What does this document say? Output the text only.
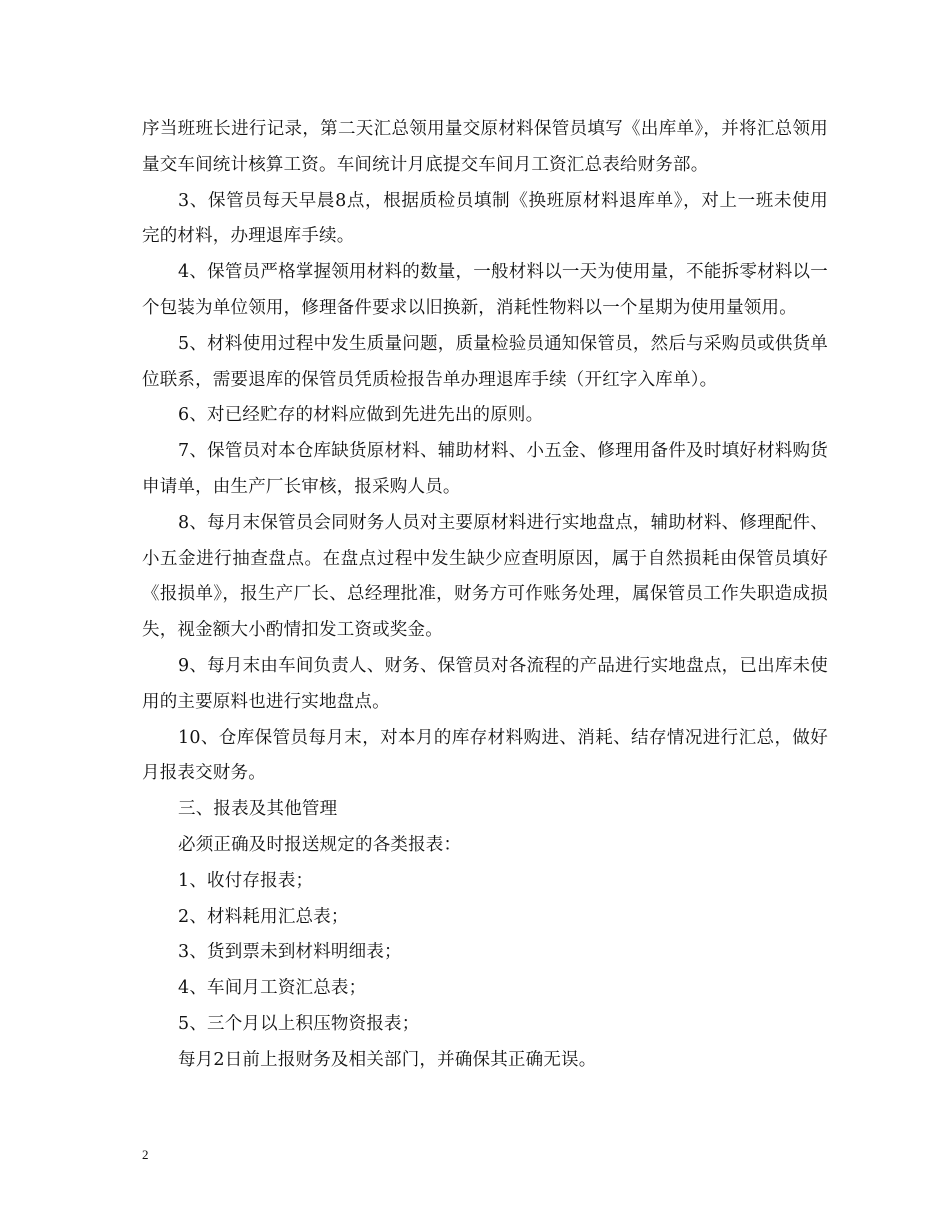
序当班班长进行记录，第二天汇总领用量交原材料保管员填写《出库单》，并将汇总领用量交车间统计核算工资。车间统计月底提交车间月工资汇总表给财务部。

3、保管员每天早晨8点，根据质检员填制《换班原材料退库单》，对上一班未使用完的材料，办理退库手续。

4、保管员严格掌握领用材料的数量，一般材料以一天为使用量，不能拆零材料以一个包装为单位领用，修理备件要求以旧换新，消耗性物料以一个星期为使用量领用。

5、材料使用过程中发生质量问题，质量检验员通知保管员，然后与采购员或供货单位联系，需要退库的保管员凭质检报告单办理退库手续（开红字入库单）。

6、对已经贮存的材料应做到先进先出的原则。

7、保管员对本仓库缺货原材料、辅助材料、小五金、修理用备件及时填好材料购货申请单，由生产厂长审核，报采购人员。

8、每月末保管员会同财务人员对主要原材料进行实地盘点，辅助材料、修理配件、小五金进行抽查盘点。在盘点过程中发生缺少应查明原因，属于自然损耗由保管员填好《报损单》，报生产厂长、总经理批准，财务方可作账务处理，属保管员工作失职造成损失，视金额大小酌情扣发工资或奖金。

9、每月末由车间负责人、财务、保管员对各流程的产品进行实地盘点，已出库未使用的主要原料也进行实地盘点。

10、仓库保管员每月末，对本月的库存材料购进、消耗、结存情况进行汇总，做好月报表交财务。

三、报表及其他管理

必须正确及时报送规定的各类报表：

1、收付存报表；

2、材料耗用汇总表；

3、货到票未到材料明细表；

4、车间月工资汇总表；

5、三个月以上积压物资报表；

每月2日前上报财务及相关部门，并确保其正确无误。

2
